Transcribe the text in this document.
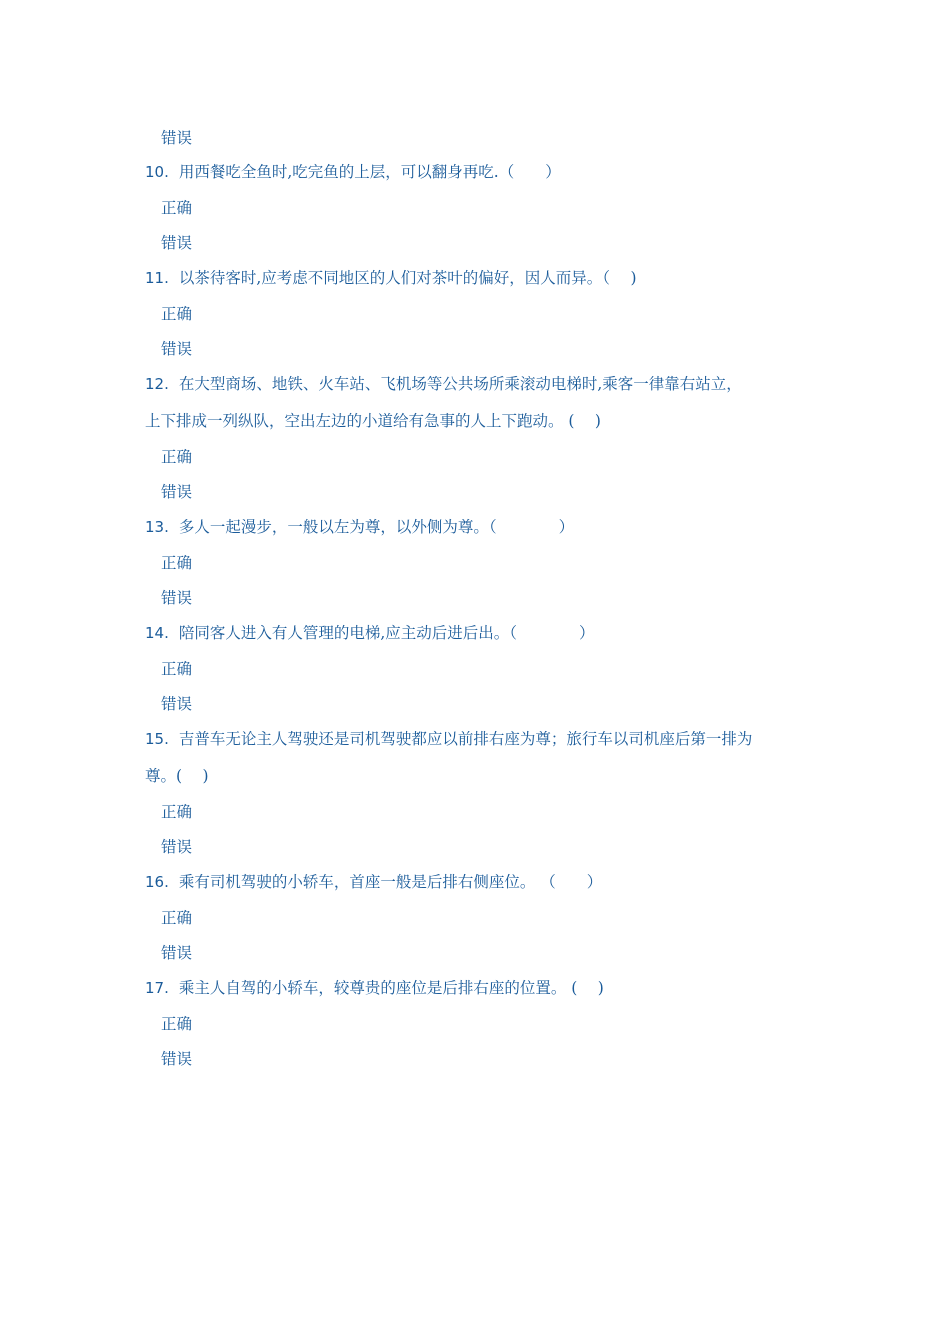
错误
10. 用西餐吃全鱼时,吃完鱼的上层，可以翻身再吃.（　　）
正确
错误
11. 以茶待客时,应考虑不同地区的人们对茶叶的偏好，因人而异。（　 )
正确
错误
12. 在大型商场、地铁、火车站、飞机场等公共场所乘滚动电梯时,乘客一律靠右站立，
上下排成一列纵队，空出左边的小道给有急事的人上下跑动。 (　 )
正确
错误
13. 多人一起漫步，一般以左为尊，以外侧为尊。（　　　　）
正确
错误
14. 陪同客人进入有人管理的电梯,应主动后进后出。（　　　　）
正确
错误
15. 吉普车无论主人驾驶还是司机驾驶都应以前排右座为尊；旅行车以司机座后第一排为
尊。(　 )
正确
错误
16. 乘有司机驾驶的小轿车，首座一般是后排右侧座位。 （　　）
正确
错误
17. 乘主人自驾的小轿车，较尊贵的座位是后排右座的位置。 (　 )
正确
错误
